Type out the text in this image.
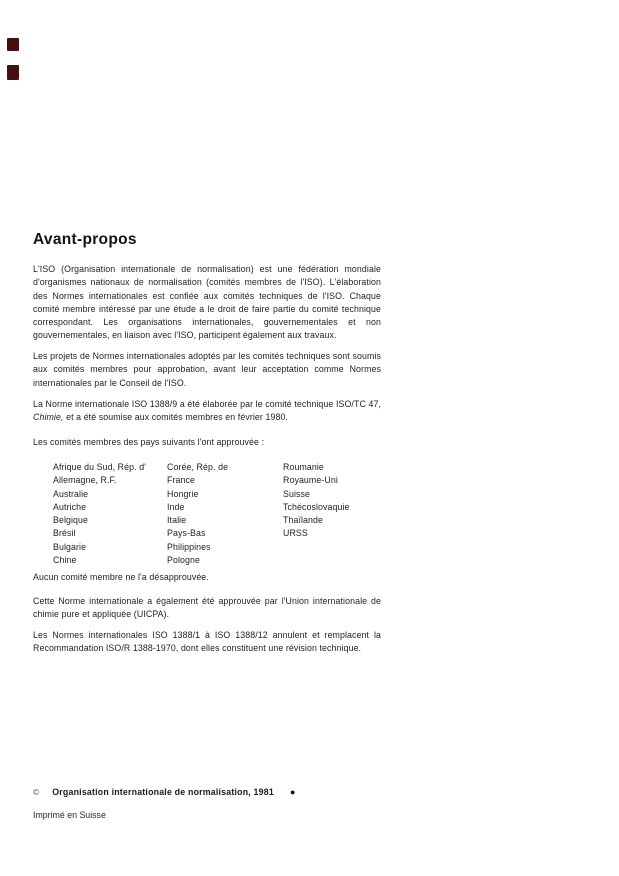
Avant-propos

L'ISO (Organisation internationale de normalisation) est une fédération mondiale d'organismes nationaux de normalisation (comités membres de l'ISO). L'élaboration des Normes internationales est confiée aux comités techniques de l'ISO. Chaque comité membre intéressé par une étude a le droit de faire partie du comité technique correspondant. Les organisations internationales, gouvernementales et non gouvernementales, en liaison avec l'ISO, participent également aux travaux.

Les projets de Normes internationales adoptés par les comités techniques sont soumis aux comités membres pour approbation, avant leur acceptation comme Normes internationales par le Conseil de l'ISO.

La Norme internationale ISO 1388/9 a été élaborée par le comité technique ISO/TC 47, Chimie, et a été soumise aux comités membres en février 1980.

Les comités membres des pays suivants l'ont approuvée :

Afrique du Sud, Rép. d'
Allemagne, R.F.
Australie
Autriche
Belgique
Brésil
Bulgarie
Chine
Corée, Rép. de
France
Hongrie
Inde
Italie
Pays-Bas
Philippines
Pologne
Roumanie
Royaume-Uni
Suisse
Tchécoslovaquie
Thaïlande
URSS

Aucun comité membre ne l'a désapprouvée.

Cette Norme internationale a également été approuvée par l'Union internationale de chimie pure et appliquée (UICPA).

Les Normes internationales ISO 1388/1 à ISO 1388/12 annulent et remplacent la Recommandation ISO/R 1388-1970, dont elles constituent une révision technique.

© Organisation internationale de normalisation, 1981 ●
Imprimé en Suisse
